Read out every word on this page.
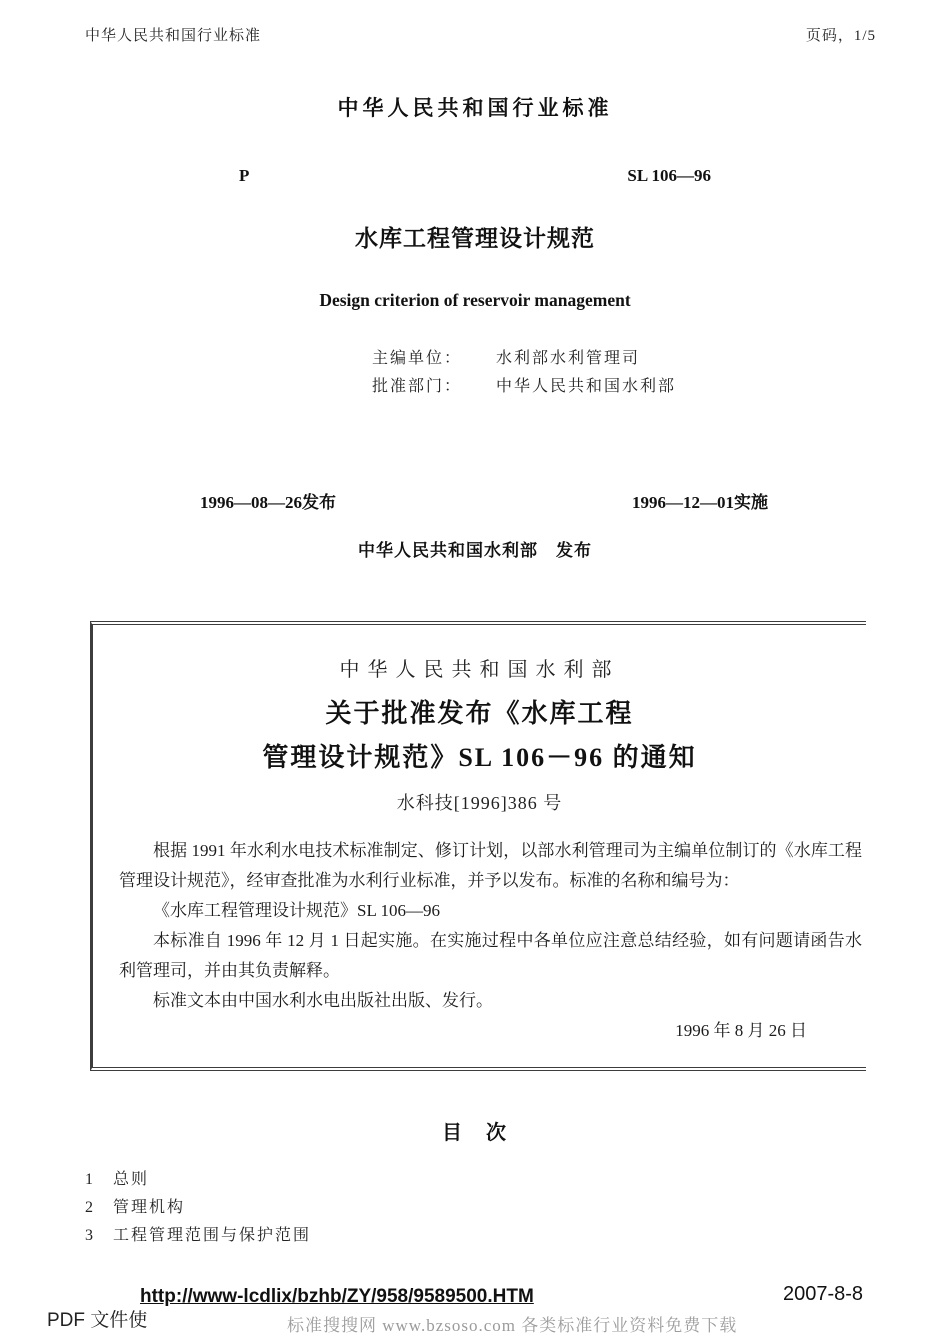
中华人民共和国行业标准	页码，1/5
中华人民共和国行业标准
P	SL 106—96
水库工程管理设计规范
Design criterion of reservoir management
主编单位： 水利部水利管理司
批准部门： 中华人民共和国水利部
1996—08—26发布	1996—12—01实施
中华人民共和国水利部　发布
中华人民共和国水利部
关于批准发布《水库工程
管理设计规范》SL 106－96 的通知
水科技[1996]386 号

根据 1991 年水利水电技术标准制定、修订计划，以部水利管理司为主编单位制订的《水库工程管理设计规范》，经审查批准为水利行业标准，并予以发布。标准的名称和编号为：

《水库工程管理设计规范》SL 106—96

本标准自 1996 年 12 月 1 日起实施。在实施过程中各单位应注意总结经验，如有问题请函告水利管理司，并由其负责解释。

标准文本由中国水利水电出版社出版、发行。

1996 年 8 月 26 日

目　次
1 总则
2 管理机构
3 工程管理范围与保护范围
http://www-lcdlix/bzhb/ZY/958/9589500.HTM	2007-8-8
PDF 文件使	标准搜搜网 www.bzsoso.com 各类标准行业资料免费下载
